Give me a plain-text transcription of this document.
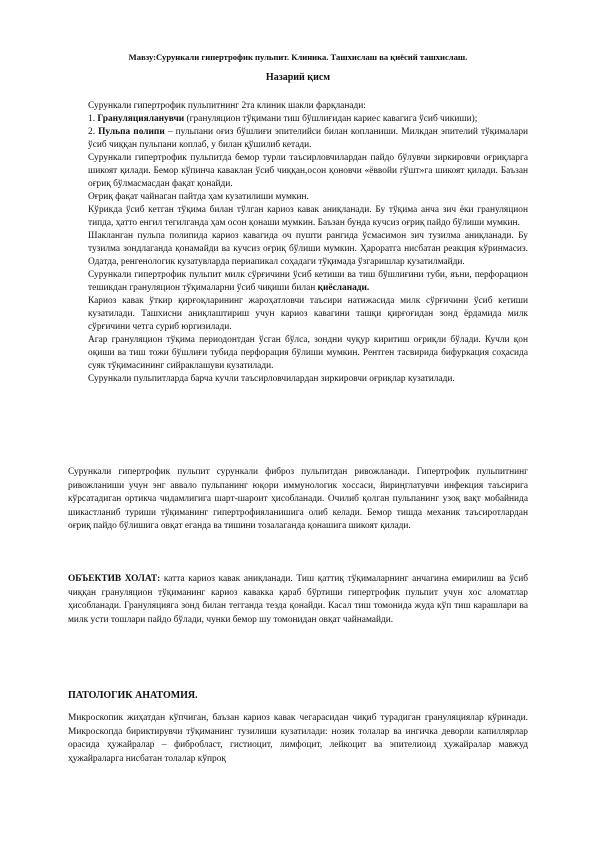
Мавзу:Сурункали гипертрофик пульпит. Клиника. Ташхислаш ва қиёсий ташхислаш.
Назарий қисм

Сурункали гипертрофик пульпитнинг 2та клиник шакли фарқланади:

1. Грануляцияланувчи (грануляцион тўқимани тиш бўшлиғидан кариес кавагига ўсиб чикиши);

2. Пульпа полипи – пульпани оғиз бўшлиғи эпителийси билан копланиши. Милкдан эпителий тўқималари ўсиб чиққан пульпани коплаб, у билан қўшилиб кетади.

Сурункали гипертрофик пульпитда бемор турли таъсирловчилардан пайдо бўлувчи зиркировчи оғриқларга шикоят қилади. Бемор кўпинча каваклан ўсиб чиққан,осон қоновчи «ёввойи гўшт»га шикоят қилади. Баъзан оғриқ бўлмасмасдан фақат қонайди.

Оғриқ фақат чайнаган пайтда ҳам кузатилиши мумкин.

Кўрикда ўсиб кетган тўқима билан тўлган кариоз кавак аниқланади. Бу тўқима анча зич ёки грануляцион типда, ҳатто енгил тегилганда ҳам осон қонаши мумкин. Баъзан бунда кучсиз оғриқ пайдо бўлиши мумкин.

Шакланган пульпа полипида кариоз кавагида оч пушти рангида ўсмасимон зич тузилма аниқланади. Бу тузилма зондлаганда қонамайди ва кучсиз оғриқ бўлиши мумкин. Ҳароратга нисбатан реакция кўринмасиз. Одатда, ренгенологик кузатувларда периапикал соҳадаги тўқимада ўзгаришлар кузатилмайди.

Сурункали гипертрофик пульпит милк сўрғичини ўсиб кетиши ва тиш бўшлиғини туби, яъни, перфорацион тешикдан грануляцион тўқималарни ўсиб чиқиши билан қиёсланади.

Кариоз кавак ўткир қирғоқларининг жароҳатловчи таъсири натижасида милк сўрғичини ўсиб кетиши кузатилади. Ташхисни аниқлаштириш учун кариоз кавагини ташқи қирғоғидан зонд ёрдамида милк сўрғичини четга суриб юргизилади.

Агар грануляцион тўқима периодонтдан ўсган бўлса, зондни чуқур киритиш оғриқли бўлади. Кучли қон оқиши ва тиш тожи бўшлиғи тубида перфорация бўлиши мумкин. Рентген тасвирида бифуркация соҳасида суяк тўқимасининг сийраклашуви кузатилади.

Сурункали пульпитларда барча кучли таъсирловчилардан зиркировчи оғриқлар кузатилади.

Сурункали гипертрофик пульпит сурункали фиброз пульпитдан ривожланади. Гипертрофик пульпитнинг ривожланиши учун энг аввало пульпанинг юқори иммунологик хоссаси, йириңглатувчи инфекция таъсирига кўрсатадиган ортикча чидамлигига шарт-шароит ҳисобланади. Очилиб қолган пульпанинг узоқ вақт мобайнида шикастланиб туриши тўқиманинг гипертрофияланишига олиб келади. Бемор тишда механик таъсиротлардан оғриқ пайдо бўлишига овқат еганда ва тишини тозалаганда қонашига шикоят қилади.

ОБЪЕКТИВ ХОЛАТ: катта кариоз кавак аниқланади. Тиш қаттиқ тўқималарнинг анчагина емирилиш ва ўсиб чиққан грануляцион тўқиманинг кариоз кавакка қараб бўртиши гипертрофик пульпит учун хос аломатлар ҳисобланади. Грануляцияга зонд билан тегганда тезда қонайди. Касал тиш томонида жуда кўп тиш карашлари ва милк усти тошлари пайдо бўлади, чунки бемор шу томонидан овқат чайнамайди.

ПАТОЛОГИК АНАТОМИЯ.

Микроскопик жиҳатдан кўпчиган, баъзан кариоз кавак чегарасидан чиқиб турадиган грануляциялар кўринади. Микроскопда бириктирувчи тўқиманинг тузилиши кузатилади: нозик толалар ва ингичка деворли капиллярлар орасида ҳужайралар – фибробласт, гистиоцит, лимфоцит, лейкоцит ва эпителиоид ҳужайралар мавжуд ҳужайраларга нисбатан толалар кўпроқ
